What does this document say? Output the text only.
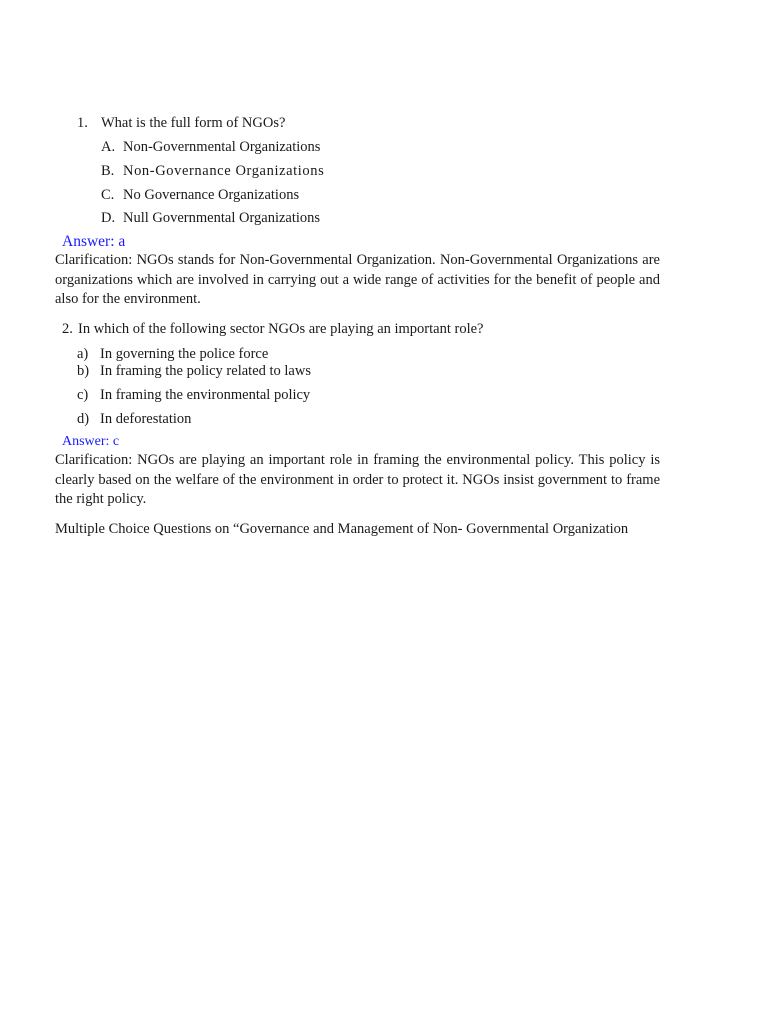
1. What is the full form of NGOs?
A. Non-Governmental Organizations
B. Non-Governance Organizations
C. No Governance Organizations
D. Null Governmental Organizations
Answer: a
Clarification: NGOs stands for Non-Governmental Organization. Non-Governmental Organizations are organizations which are involved in carrying out a wide range of activities for the benefit of people and also for the environment.
2. In which of the following sector NGOs are playing an important role?
a) In governing the police force
b) In framing the policy related to laws
c) In framing the environmental policy
d) In deforestation
Answer: c
Clarification: NGOs are playing an important role in framing the environmental policy. This policy is clearly based on the welfare of the environment in order to protect it. NGOs insist government to frame the right policy.
Multiple Choice Questions on “Governance and Management of Non- Governmental Organization
